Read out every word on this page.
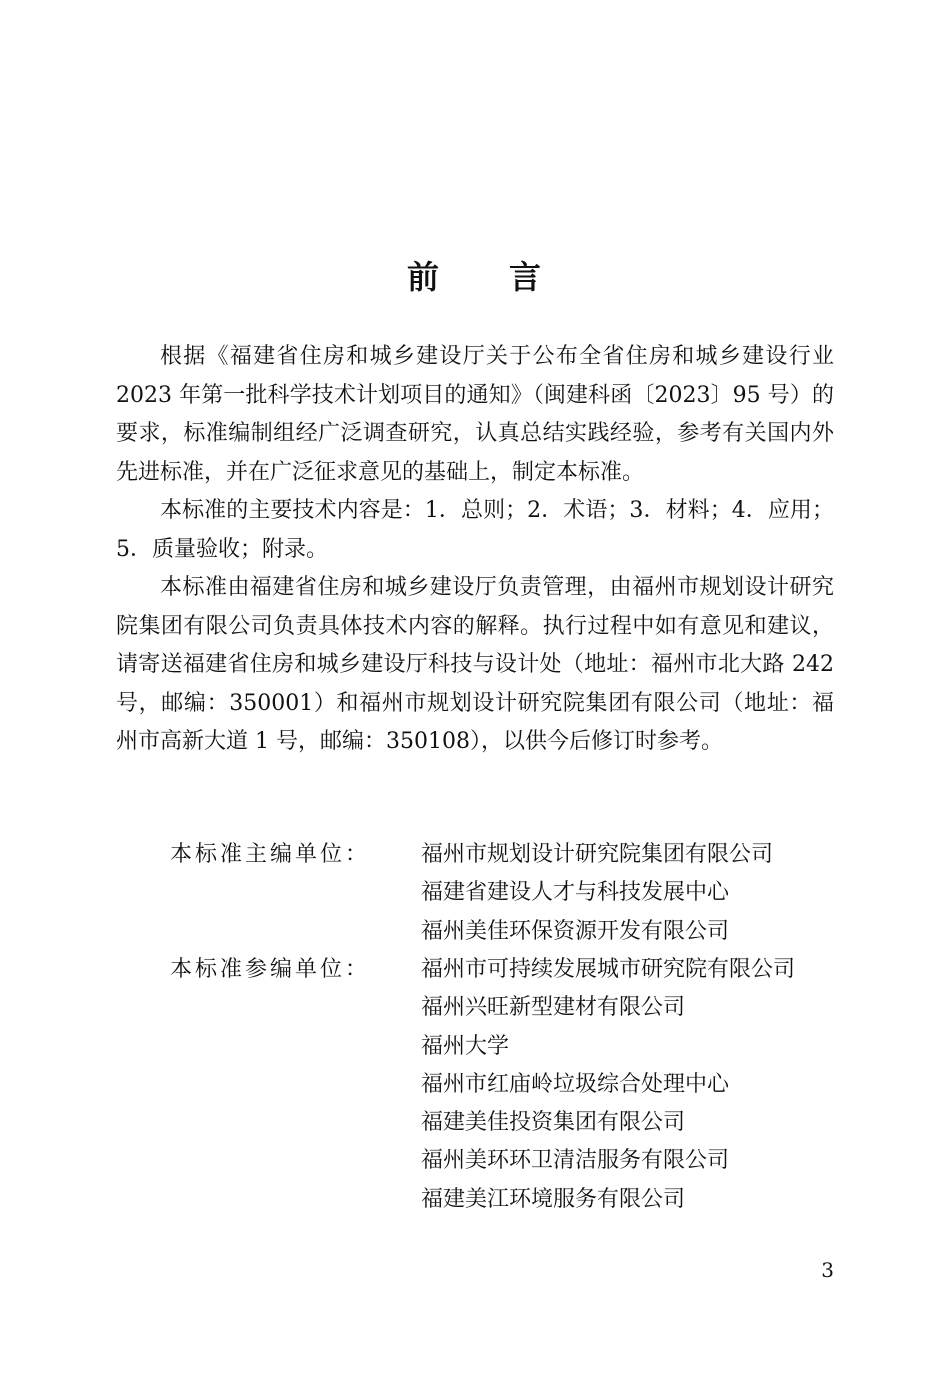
前　　言

根据《福建省住房和城乡建设厅关于公布全省住房和城乡建设行业 2023 年第一批科学技术计划项目的通知》（闽建科函〔2023〕95 号）的要求，标准编制组经广泛调查研究，认真总结实践经验，参考有关国内外先进标准，并在广泛征求意见的基础上，制定本标准。

本标准的主要技术内容是：1．总则；2．术语；3．材料；4．应用；5．质量验收；附录。

本标准由福建省住房和城乡建设厅负责管理，由福州市规划设计研究院集团有限公司负责具体技术内容的解释。执行过程中如有意见和建议，请寄送福建省住房和城乡建设厅科技与设计处（地址：福州市北大路 242 号，邮编：350001）和福州市规划设计研究院集团有限公司（地址：福州市高新大道 1 号，邮编：350108），以供今后修订时参考。

本标准主编单位： 福州市规划设计研究院集团有限公司
福建省建设人才与科技发展中心
福州美佳环保资源开发有限公司
本标准参编单位： 福州市可持续发展城市研究院有限公司
福州兴旺新型建材有限公司
福州大学
福州市红庙岭垃圾综合处理中心
福建美佳投资集团有限公司
福州美环环卫清洁服务有限公司
福建美江环境服务有限公司
3
